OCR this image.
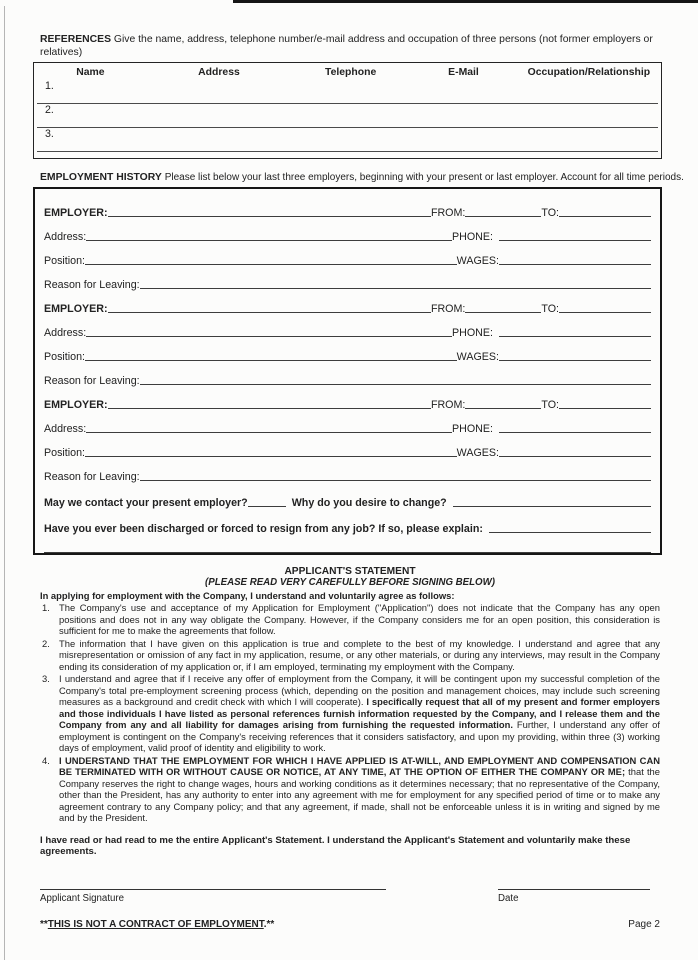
REFERENCES Give the name, address, telephone number/e-mail address and occupation of three persons (not former employers or relatives)

Name	Address	Telephone	E-Mail	Occupation/Relationship
1.
2.
3.

EMPLOYMENT HISTORY Please list below your last three employers, beginning with your present or last employer. Account for all time periods.

EMPLOYER:	FROM:	TO:
Address:	PHONE:
Position:	WAGES:
Reason for Leaving:
EMPLOYER:	FROM:	TO:
Address:	PHONE:
Position:	WAGES:
Reason for Leaving:
EMPLOYER:	FROM:	TO:
Address:	PHONE:
Position:	WAGES:
Reason for Leaving:
May we contact your present employer?	Why do you desire to change?
Have you ever been discharged or forced to resign from any job? If so, please explain:
APPLICANT'S STATEMENT
(PLEASE READ VERY CAREFULLY BEFORE SIGNING BELOW)
In applying for employment with the Company, I understand and voluntarily agree as follows:
1. The Company's use and acceptance of my Application for Employment ("Application") does not indicate that the Company has any open positions and does not in any way obligate the Company. However, if the Company considers me for an open position, this consideration is sufficient for me to make the agreements that follow.
2. The information that I have given on this application is true and complete to the best of my knowledge. I understand and agree that any misrepresentation or omission of any fact in my application, resume, or any other materials, or during any interviews, may result in the Company ending its consideration of my application or, if I am employed, terminating my employment with the Company.
3. I understand and agree that if I receive any offer of employment from the Company, it will be contingent upon my successful completion of the Company's total pre-employment screening process (which, depending on the position and management choices, may include such screening measures as a background and credit check with which I will cooperate). I specifically request that all of my present and former employers and those individuals I have listed as personal references furnish information requested by the Company, and I release them and the Company from any and all liability for damages arising from furnishing the requested information. Further, I understand any offer of employment is contingent on the Company's receiving references that it considers satisfactory, and upon my providing, within three (3) working days of employment, valid proof of identity and eligibility to work.
4. I UNDERSTAND THAT THE EMPLOYMENT FOR WHICH I HAVE APPLIED IS AT-WILL, AND EMPLOYMENT AND COMPENSATION CAN BE TERMINATED WITH OR WITHOUT CAUSE OR NOTICE, AT ANY TIME, AT THE OPTION OF EITHER THE COMPANY OR ME; that the Company reserves the right to change wages, hours and working conditions as it determines necessary; that no representative of the Company, other than the President, has any authority to enter into any agreement with me for employment for any specified period of time or to make any agreement contrary to any Company policy; and that any agreement, if made, shall not be enforceable unless it is in writing and signed by me and by the President.
I have read or had read to me the entire Applicant's Statement. I understand the Applicant's Statement and voluntarily make these agreements.
Applicant Signature	Date
**THIS IS NOT A CONTRACT OF EMPLOYMENT.**	Page 2
